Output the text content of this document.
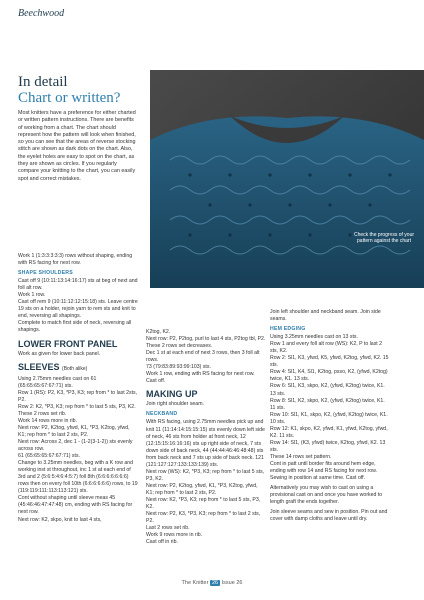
Beechwood
In detail
Chart or written?
Most knitters have a preference for either charted or written pattern instructions. There are benefits of working from a chart. The chart should represent how the pattern will look when finished, so you can see that the areas of reverse stocking stitch are shown as dark dots on the chart. Also, the eyelet holes are easy to spot on the chart, as they are shown as circles. If you regularly compare your knitting to the chart, you can easily spot and correct mistakes.
Check the progress of your pattern against the chart

Work 1 (1:3:3:3:3:3) rows without shaping, ending with RS facing for next row.

SHAPE SHOULDERS

Cast off 9 (10:11:13:14:16:17) sts at beg of next and foll alt row.

Work 1 row.

Cast off rem 9 (10:11:12:12:15:18) sts. Leave centre 19 sts on a holder, rejoin yarn to rem sts and knit to end, reversing all shapings.

Complete to match first side of neck, reversing all shapings.

LOWER FRONT PANEL

Work as given for lower back panel.

SLEEVES (Both alike)

Using 2.75mm needles cast on 61 (65:65:65:67:67:71) sts.

Row 1 (RS): P2, K3, *P3, K3; rep from * to last 2sts, P2.

Row 2: K2, *P3, K3; rep from * to last 5 sts, P3, K2.

These 2 rows set rib.

Work 14 rows more in rib.

Next row: P2, K2tog, yfwd, K1, *P3, K2tog, yfwd, K1; rep from * to last 2 sts, P2.

Next row: Across 2, dec 1 - (1-2(3-1-2)) sts evenly across row.

61 (65:65:65:67:67:71) sts.

Change to 3.25mm needles, beg with a K row and working inst st throughout, inc 1 st at each end of 3rd and 2 (5:6:5:4:6:4:5:7) foll 8th (6:6:6:6:6:6:6) rows then on every foll 10th (6:6:6:6:6:6) rows, to 19 (119:119:111:113:113:121) sts.

Cont without shaping until sleeve meas 45 (45:46:46:47:47:48) cm, ending with RS facing for next row.

Next row: K2, skpo, knit to last 4 sts,

K2tog, K2.

Next row: P2, P2tog, purl to last 4 sts, P2tog tbl, P2.

These 2 rows set decreases.

Dec 1 st at each end of next 3 rows, then 3 foll alt rows.

73 (79:83:89:93:99:103) sts.

Work 1 row, ending with RS facing for next row.

Cast off.

MAKING UP

Join right shoulder seam.

NECKBAND

With RS facing, using 2.75mm needles pick up and knit 11 (11:14:14:15:15:15) sts evenly down left side of neck, 46 sts from holder at front neck, 12 (12:15:15:16:16:16) sts up right side of neck, 7 sts down side of back neck, 44 (44:44:46:46:48:48) sts from back neck and 7 sts up side of back neck. 121 (121:127:127:133:133:139) sts.

Next row (WS): K2, *P3, K3; rep from * to last 5 sts, P3, K2.

Next row: P2, K2tog, yfwd, K1, *P3, K2tog, yfwd, K1; rep from * to last 2 sts, P2.

Next row: K2, *P3, K3; rep from * to last 5 sts, P3, K2.

Next row: P2, K3, *P3, K3; rep from * to last 2 sts, P2.

Last 2 rows set rib.

Work 9 rows more in rib.

Cast off in rib.

Join left shoulder and neckband seam. Join side seams.

HEM EDGING

Using 3.25mm needles cast on 13 sts.

Row 1 and every foll alt row (WS): K2, P to last 2 sts, K2.

Row 2: Sl1, K3, yfwd, K5, yfwd, K2tog, yfwd, K2. 15 sts.

Row 4: Sl1, K4, Sl1, K2tog, psso, K2, (yfwd, K2tog) twice, K1. 13 sts.

Row 6: Sl1, K3, skpo, K2, (yfwd, K2tog) twice, K1. 13 sts.

Row 8: Sl1, K2, skpo, K2, (yfwd, K2tog) twice, K1. 11 sts.

Row 10: Sl1, K1, skpo, K2, (yfwd, K2tog) twice, K1. 10 sts.

Row 12: K1, skpo, K2, yfwd, K1, yfwd, K2tog, yfwd, K2. 11 sts.

Row 14: Sl1, (K3, yfwd) twice, K2tog, yfwd, K2. 13 sts.

These 14 rows set pattern.

Cont in patt until border fits around hem edge, ending with row 14 and RS facing for next row. Sewing in position at same time. Cast off.

Alternatively you may wish to cast on using a provisional cast on and once you have worked to length graft the ends together.

Join sleeve seams and sew in position. Pin out and cover with damp cloths and leave until dry.

The Knitter 26 Issue 26
